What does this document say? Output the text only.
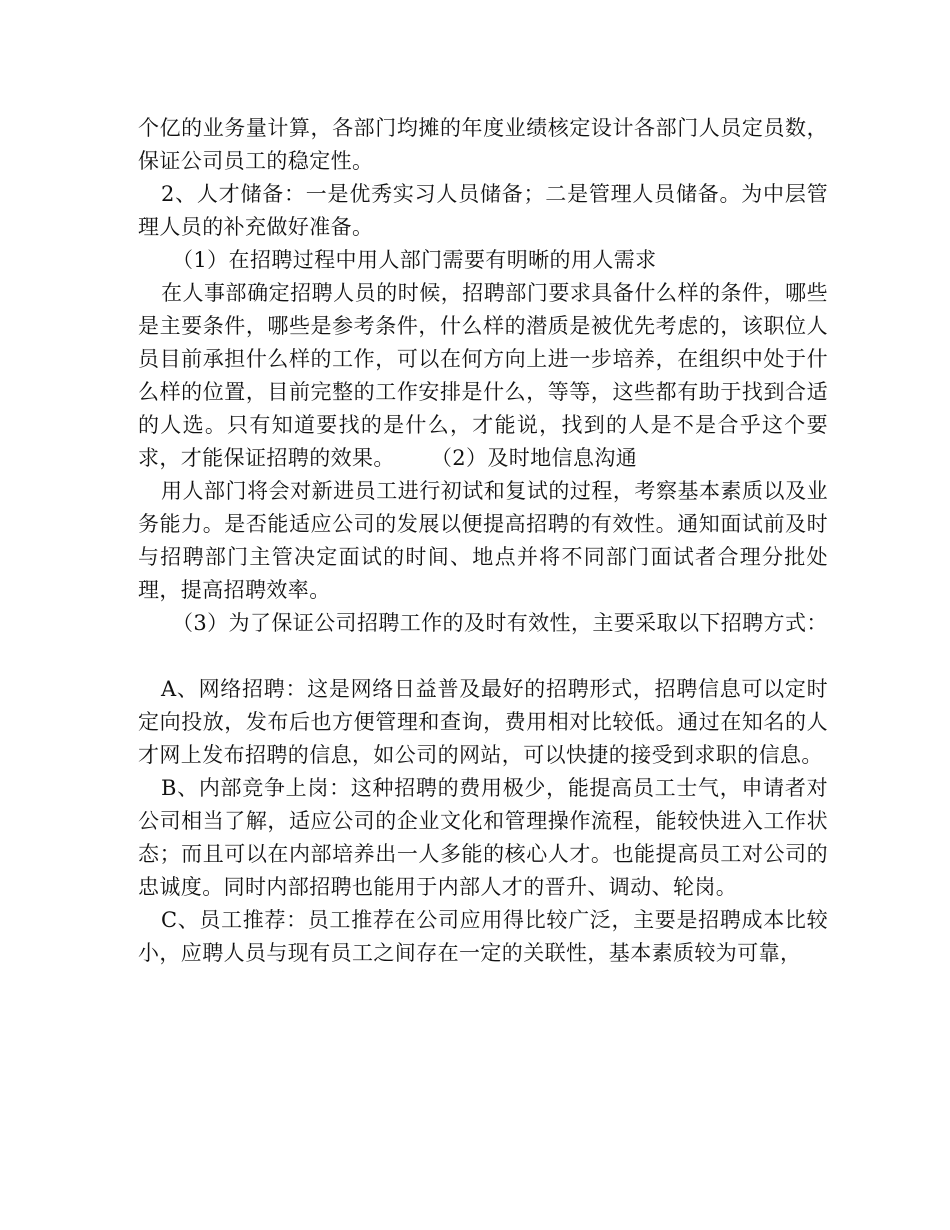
个亿的业务量计算，各部门均摊的年度业绩核定设计各部门人员定员数，保证公司员工的稳定性。

2、人才储备：一是优秀实习人员储备；二是管理人员储备。为中层管理人员的补充做好准备。

（1）在招聘过程中用人部门需要有明晰的用人需求

在人事部确定招聘人员的时候，招聘部门要求具备什么样的条件，哪些是主要条件，哪些是参考条件，什么样的潜质是被优先考虑的，该职位人员目前承担什么样的工作，可以在何方向上进一步培养，在组织中处于什么样的位置，目前完整的工作安排是什么，等等，这些都有助于找到合适的人选。只有知道要找的是什么，才能说，找到的人是不是合乎这个要求，才能保证招聘的效果。 （2）及时地信息沟通

用人部门将会对新进员工进行初试和复试的过程，考察基本素质以及业务能力。是否能适应公司的发展以便提高招聘的有效性。通知面试前及时与招聘部门主管决定面试的时间、地点并将不同部门面试者合理分批处理，提高招聘效率。

（3）为了保证公司招聘工作的及时有效性，主要采取以下招聘方式：

A、网络招聘：这是网络日益普及最好的招聘形式，招聘信息可以定时定向投放，发布后也方便管理和查询，费用相对比较低。通过在知名的人才网上发布招聘的信息，如公司的网站，可以快捷的接受到求职的信息。

B、内部竞争上岗：这种招聘的费用极少，能提高员工士气，申请者对公司相当了解，适应公司的企业文化和管理操作流程，能较快进入工作状态；而且可以在内部培养出一人多能的核心人才。也能提高员工对公司的忠诚度。同时内部招聘也能用于内部人才的晋升、调动、轮岗。

C、员工推荐：员工推荐在公司应用得比较广泛，主要是招聘成本比较小，应聘人员与现有员工之间存在一定的关联性，基本素质较为可靠，
